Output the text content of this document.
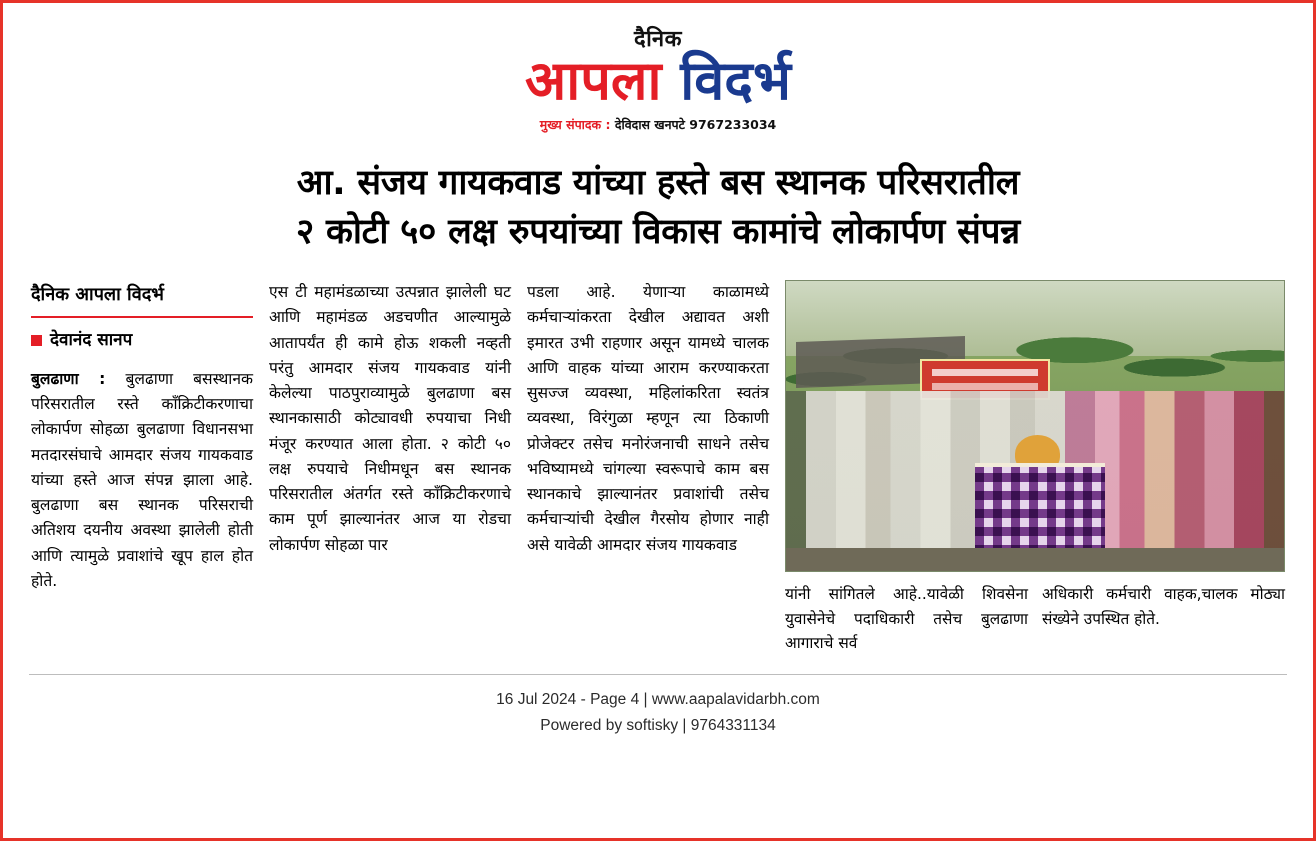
दैनिक
आपला विदर्भ
मुख्य संपादक : देविदास खनपटे 9767233034
आ. संजय गायकवाड यांच्या हस्ते बस स्थानक परिसरातील
२ कोटी ५० लक्ष रुपयांच्या विकास कामांचे लोकार्पण संपन्न
दैनिक आपला विदर्भ
देवानंद सानप
बुलढाणा : बुलढाणा बसस्थानक परिसरातील रस्ते काँक्रिटीकरणाचा लोकार्पण सोहळा बुलढाणा विधानसभा मतदारसंघाचे आमदार संजय गायकवाड यांच्या हस्ते आज संपन्न झाला आहे. बुलढाणा बस स्थानक परिसराची अतिशय दयनीय अवस्था झालेली होती आणि त्यामुळे प्रवाशांचे खूप हाल होत होते.
एस टी महामंडळाच्या उत्पन्नात झालेली घट आणि महामंडळ अडचणीत आल्यामुळे आतापर्यंत ही कामे होऊ शकली नव्हती परंतु आमदार संजय गायकवाड यांनी केलेल्या पाठपुराव्यामुळे बुलढाणा बस स्थानकासाठी कोट्यावधी रुपयाचा निधी मंजूर करण्यात आला होता. २ कोटी ५० लक्ष रुपयाचे निधीमधून बस स्थानक परिसरातील अंतर्गत रस्ते काँक्रिटीकरणाचे काम पूर्ण झाल्यानंतर आज या रोडचा लोकार्पण सोहळा पार
पडला आहे. येणाऱ्या काळामध्ये कर्मचाऱ्यांकरता देखील अद्यावत अशी इमारत उभी राहणार असून यामध्ये चालक आणि वाहक यांच्या आराम करण्याकरता सुसज्ज व्यवस्था, महिलांकरिता स्वतंत्र व्यवस्था, विरंगुळा म्हणून त्या ठिकाणी प्रोजेक्टर तसेच मनोरंजनाची साधने तसेच भविष्यामध्ये चांगल्या स्वरूपाचे काम बस स्थानकाचे झाल्यानंतर प्रवाशांची तसेच कर्मचाऱ्यांची देखील गैरसोय होणार नाही असे यावेळी आमदार संजय गायकवाड
यांनी सांगितले आहे..यावेळी शिवसेना युवासेनेचे पदाधिकारी तसेच बुलढाणा आगाराचे सर्व
अधिकारी कर्मचारी वाहक,चालक मोठ्या संख्येने उपस्थित होते.
16 Jul 2024 - Page 4 | www.aapalavidarbh.com
Powered by softisky | 9764331134
